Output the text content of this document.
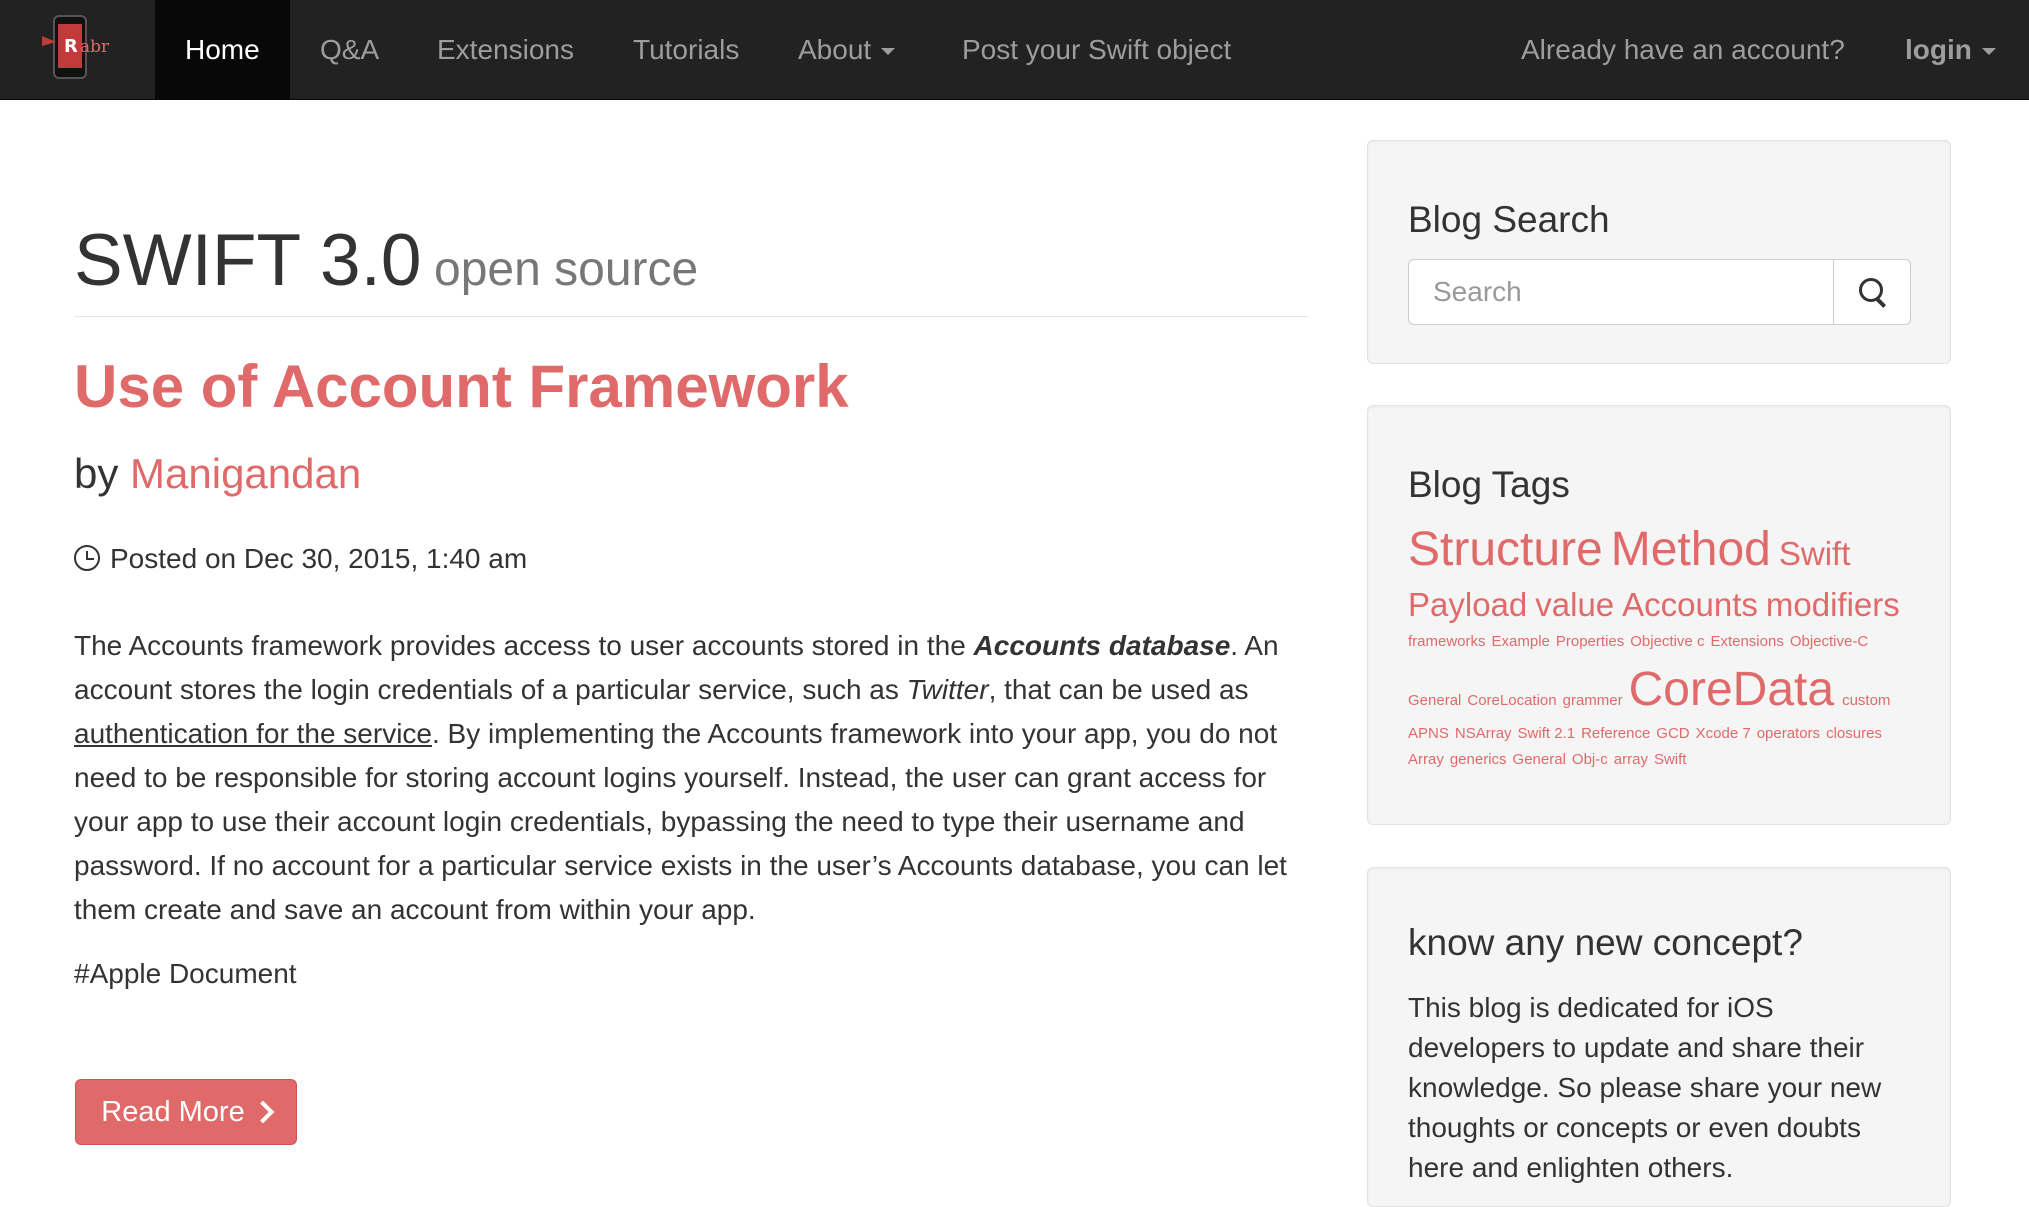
R abr	Home	Q&A Extensions Tutorials About	Post your Swift object	Already have an account? login
SWIFT 3.0 open source
Use of Account Framework
by Manigandan
Posted on Dec 30, 2015, 1:40 am
The Accounts framework provides access to user accounts stored in the Accounts database. An account stores the login credentials of a particular service, such as Twitter, that can be used as authentication for the service. By implementing the Accounts framework into your app, you do not need to be responsible for storing account logins yourself. Instead, the user can grant access for your app to use their account login credentials, bypassing the need to type their username and password. If no account for a particular service exists in the user’s Accounts database, you can let them create and save an account from within your app.
#Apple Document
Read More
Blog Search
Search
Blog Tags
Structure Method Swift
Payload value Accounts modifiers
frameworks Example Properties Objective c Extensions Objective-C
General CoreLocation grammer CoreData custom
APNS NSArray Swift 2.1 Reference GCD Xcode 7 operators closures
Array generics General Obj-c array Swift
know any new concept?
This blog is dedicated for iOS developers to update and share their knowledge. So please share your new thoughts or concepts or even doubts here and enlighten others.
